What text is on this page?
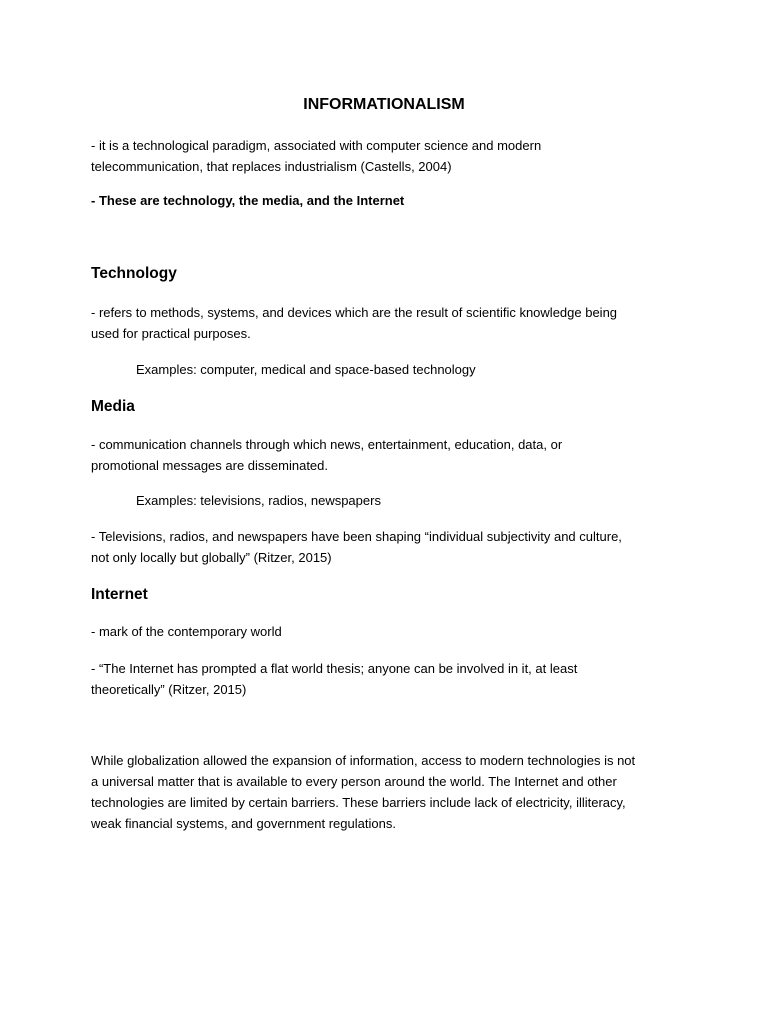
INFORMATIONALISM
- it is a technological paradigm, associated with computer science and modern
telecommunication, that replaces industrialism (Castells, 2004)
- These are technology, the media, and the Internet
Technology
- refers to methods, systems, and devices which are the result of scientific knowledge being
used for practical purposes.
Examples: computer, medical and space-based technology
Media
- communication channels through which news, entertainment, education, data, or
promotional messages are disseminated.
Examples: televisions, radios, newspapers
- Televisions, radios, and newspapers have been shaping “individual subjectivity and culture,
not only locally but globally” (Ritzer, 2015)
Internet
- mark of the contemporary world
- “The Internet has prompted a flat world thesis; anyone can be involved in it, at least
theoretically” (Ritzer, 2015)
While globalization allowed the expansion of information, access to modern technologies is not
a universal matter that is available to every person around the world. The Internet and other
technologies are limited by certain barriers. These barriers include lack of electricity, illiteracy,
weak financial systems, and government regulations.
